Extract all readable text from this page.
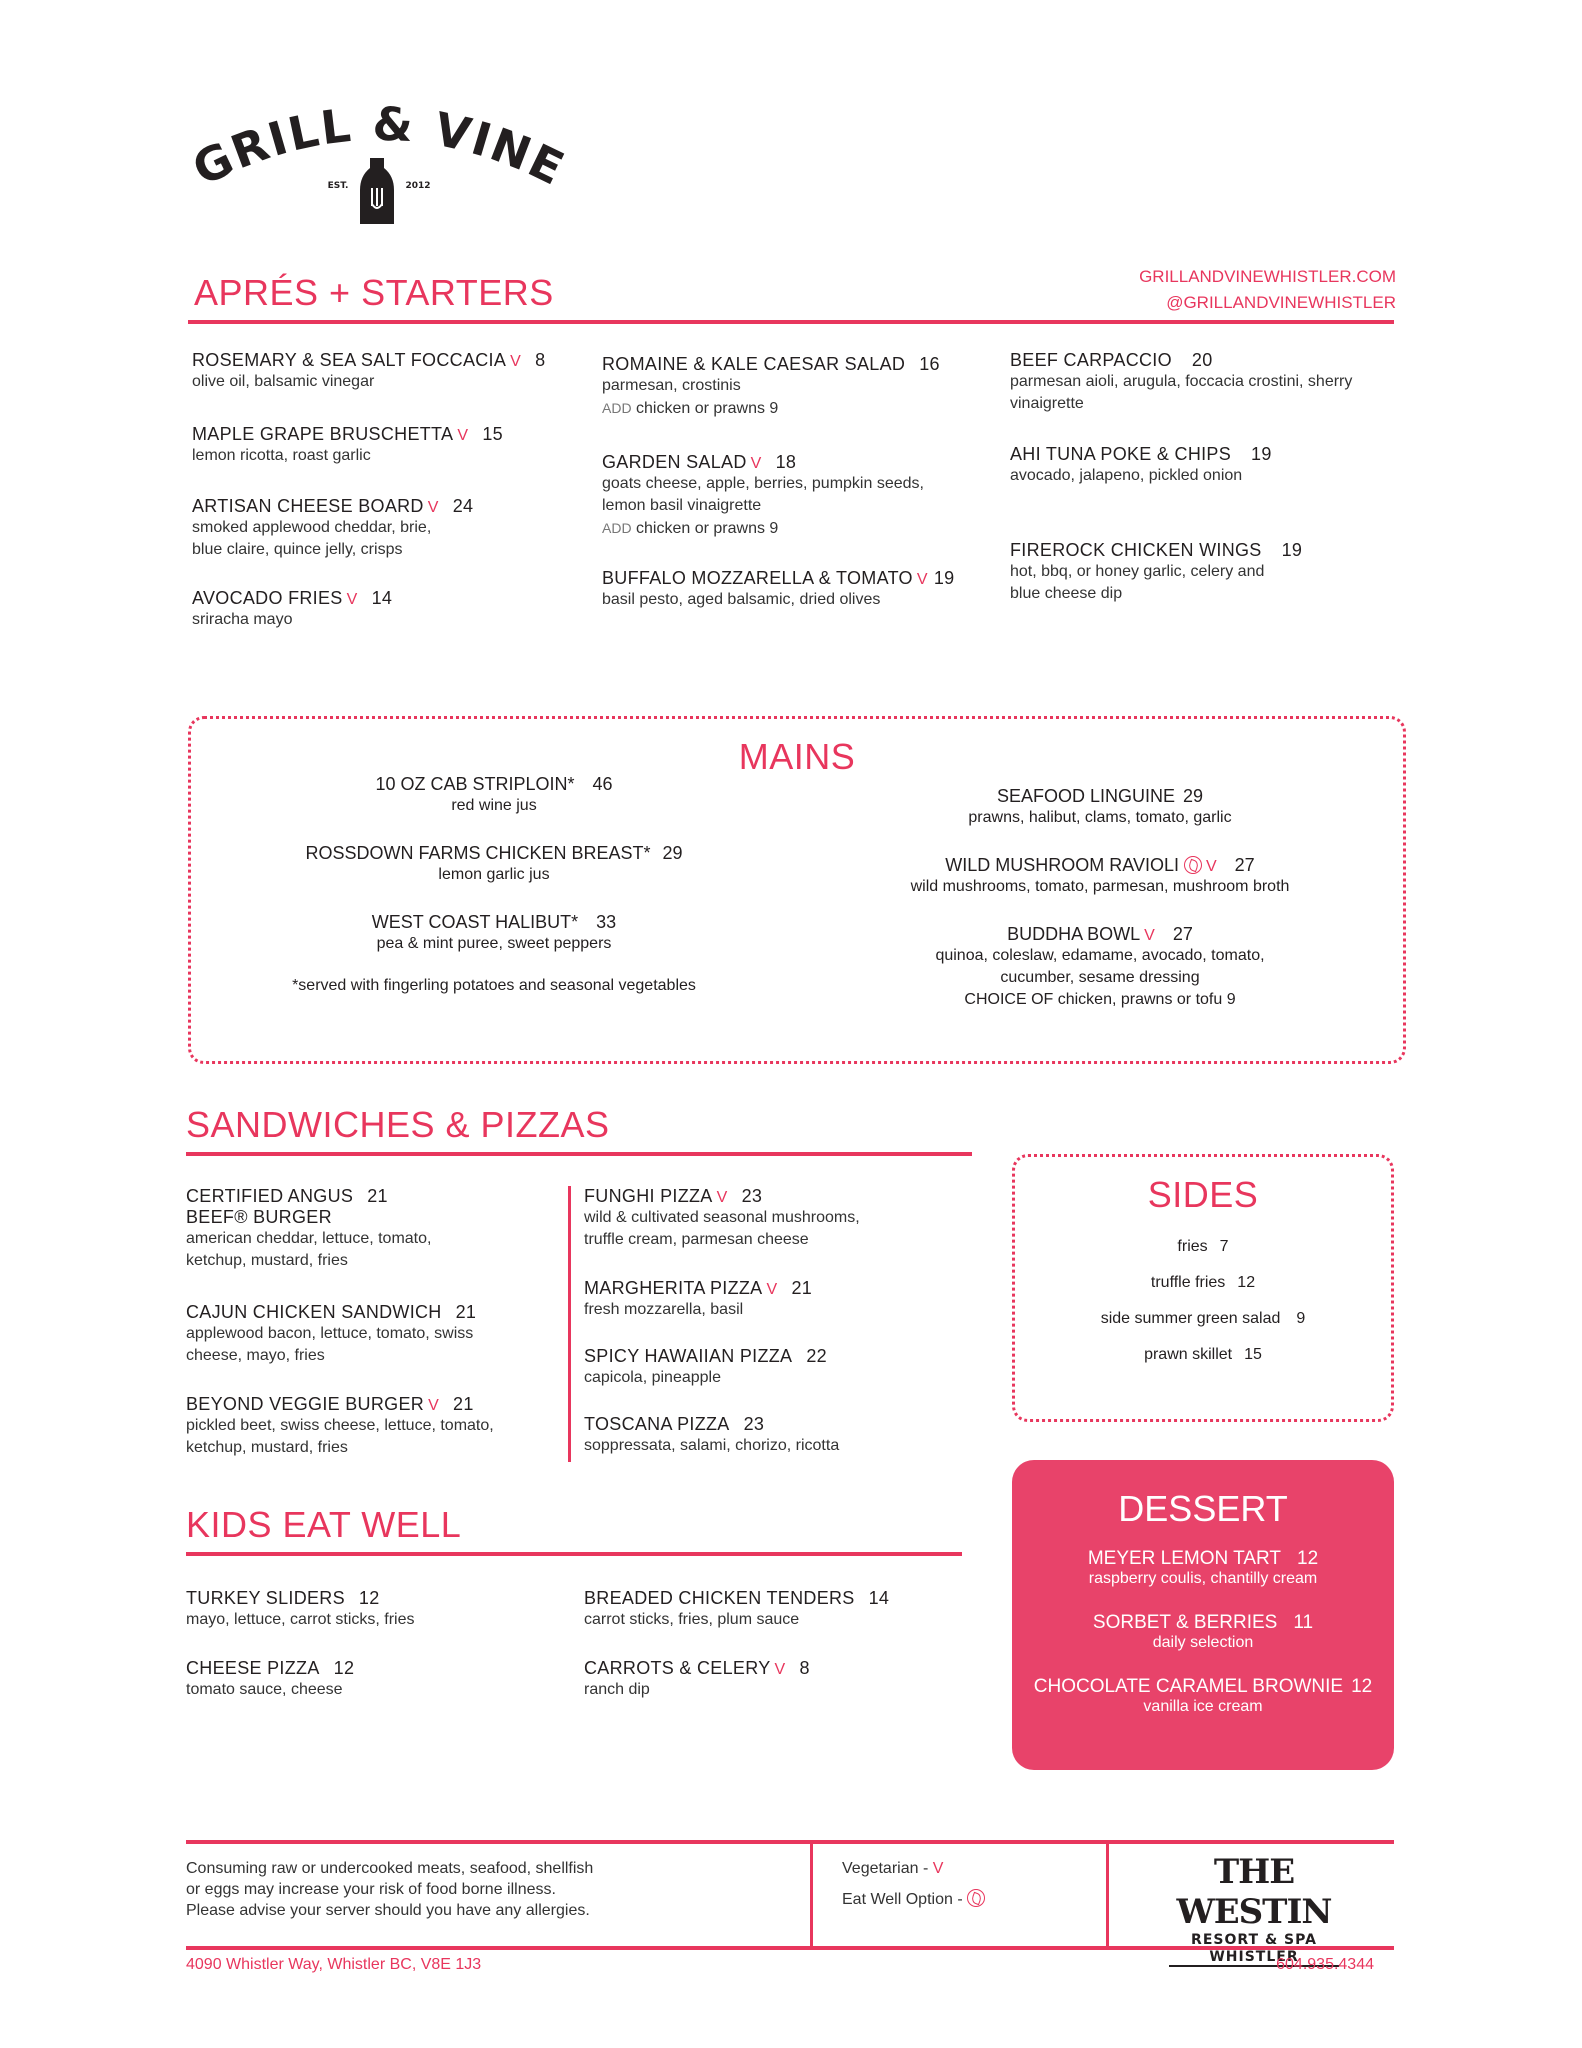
GRILL & VINE
EST.	2012
GRILLANDVINEWHISTLER.COM
@GRILLANDVINEWHISTLER
APRÉS + STARTERS
ROSEMARY & SEA SALT FOCCACIA V 8
olive oil, balsamic vinegar
MAPLE GRAPE BRUSCHETTA V 15
lemon ricotta, roast garlic
ARTISAN CHEESE BOARD V 24
smoked applewood cheddar, brie,
blue claire, quince jelly, crisps
AVOCADO FRIES V 14
sriracha mayo
ROMAINE & KALE CAESAR SALAD 16
parmesan, crostinis
ADD chicken or prawns 9
GARDEN SALAD V 18
goats cheese, apple, berries, pumpkin seeds,
lemon basil vinaigrette
ADD chicken or prawns 9
BUFFALO MOZZARELLA & TOMATO V 19
basil pesto, aged balsamic, dried olives
BEEF CARPACCIO 20
parmesan aioli, arugula, foccacia crostini, sherry
vinaigrette
AHI TUNA POKE & CHIPS 19
avocado, jalapeno, pickled onion
FIREROCK CHICKEN WINGS 19
hot, bbq, or honey garlic, celery and
blue cheese dip
MAINS
10 OZ CAB STRIPLOIN* 46
red wine jus
ROSSDOWN FARMS CHICKEN BREAST* 29
lemon garlic jus
WEST COAST HALIBUT* 33
pea & mint puree, sweet peppers
*served with fingerling potatoes and seasonal vegetables
SEAFOOD LINGUINE 29
prawns, halibut, clams, tomato, garlic
WILD MUSHROOM RAVIOLI V 27
wild mushrooms, tomato, parmesan, mushroom broth
BUDDHA BOWL V 27
quinoa, coleslaw, edamame, avocado, tomato,
cucumber, sesame dressing
CHOICE OF chicken, prawns or tofu 9
SANDWICHES & PIZZAS
CERTIFIED ANGUS 21
BEEF® BURGER
american cheddar, lettuce, tomato,
ketchup, mustard, fries
CAJUN CHICKEN SANDWICH 21
applewood bacon, lettuce, tomato, swiss
cheese, mayo, fries
BEYOND VEGGIE BURGER V 21
pickled beet, swiss cheese, lettuce, tomato,
ketchup, mustard, fries
FUNGHI PIZZA V 23
wild & cultivated seasonal mushrooms,
truffle cream, parmesan cheese
MARGHERITA PIZZA V 21
fresh mozzarella, basil
SPICY HAWAIIAN PIZZA 22
capicola, pineapple
TOSCANA PIZZA 23
soppressata, salami, chorizo, ricotta
SIDES
fries 7
truffle fries 12
side summer green salad 9
prawn skillet 15
KIDS EAT WELL
TURKEY SLIDERS 12
mayo, lettuce, carrot sticks, fries
BREADED CHICKEN TENDERS 14
carrot sticks, fries, plum sauce
CHEESE PIZZA 12
tomato sauce, cheese
CARROTS & CELERY V 8
ranch dip
DESSERT
MEYER LEMON TART 12
raspberry coulis, chantilly cream
SORBET & BERRIES 11
daily selection
CHOCOLATE CARAMEL BROWNIE 12
vanilla ice cream
Consuming raw or undercooked meats, seafood, shellfish
or eggs may increase your risk of food borne illness.
Please advise your server should you have any allergies.
Vegetarian - V
Eat Well Option -
THE WESTIN
RESORT & SPA
WHISTLER
4090 Whistler Way, Whistler BC, V8E 1J3	604.935.4344
